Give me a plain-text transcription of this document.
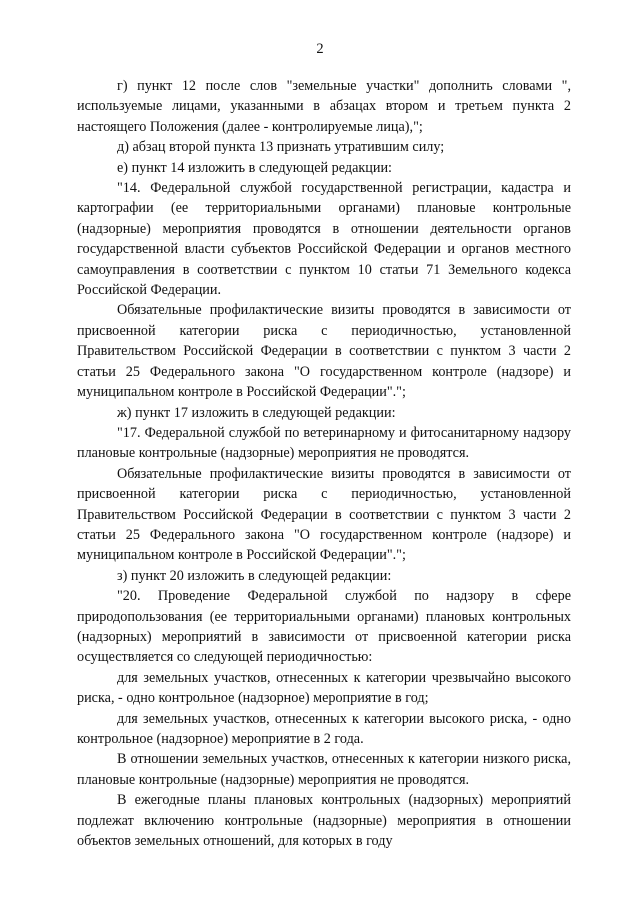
2

г) пункт 12 после слов "земельные участки" дополнить словами ", используемые лицами, указанными в абзацах втором и третьем пункта 2 настоящего Положения (далее - контролируемые лица),";

д) абзац второй пункта 13 признать утратившим силу;

е) пункт 14 изложить в следующей редакции:

"14. Федеральной службой государственной регистрации, кадастра и картографии (ее территориальными органами) плановые контрольные (надзорные) мероприятия проводятся в отношении деятельности органов государственной власти субъектов Российской Федерации и органов местного самоуправления в соответствии с пунктом 10 статьи 71 Земельного кодекса Российской Федерации.

Обязательные профилактические визиты проводятся в зависимости от присвоенной категории риска с периодичностью, установленной Правительством Российской Федерации в соответствии с пунктом 3 части 2 статьи 25 Федерального закона "О государственном контроле (надзоре) и муниципальном контроле в Российской Федерации".";

ж) пункт 17 изложить в следующей редакции:

"17. Федеральной службой по ветеринарному и фитосанитарному надзору плановые контрольные (надзорные) мероприятия не проводятся.

Обязательные профилактические визиты проводятся в зависимости от присвоенной категории риска с периодичностью, установленной Правительством Российской Федерации в соответствии с пунктом 3 части 2 статьи 25 Федерального закона "О государственном контроле (надзоре) и муниципальном контроле в Российской Федерации".";

з) пункт 20 изложить в следующей редакции:

"20. Проведение Федеральной службой по надзору в сфере природопользования (ее территориальными органами) плановых контрольных (надзорных) мероприятий в зависимости от присвоенной категории риска осуществляется со следующей периодичностью:

для земельных участков, отнесенных к категории чрезвычайно высокого риска, - одно контрольное (надзорное) мероприятие в год;

для земельных участков, отнесенных к категории высокого риска, - одно контрольное (надзорное) мероприятие в 2 года.

В отношении земельных участков, отнесенных к категории низкого риска, плановые контрольные (надзорные) мероприятия не проводятся.

В ежегодные планы плановых контрольных (надзорных) мероприятий подлежат включению контрольные (надзорные) мероприятия в отношении объектов земельных отношений, для которых в году
